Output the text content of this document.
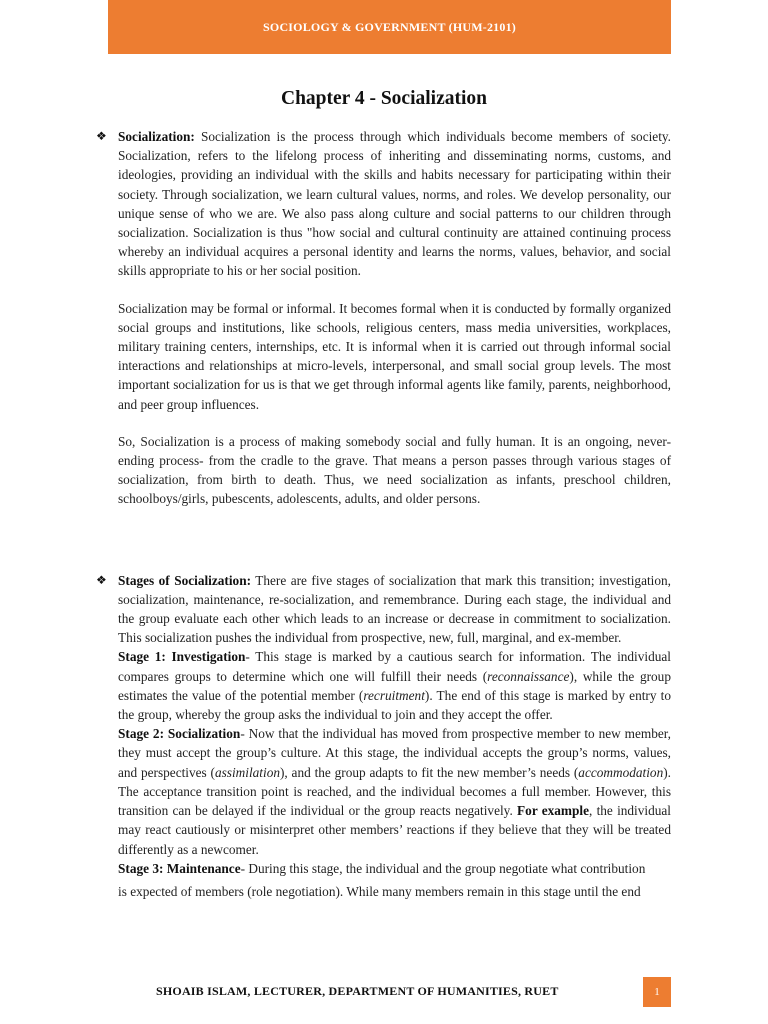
SOCIOLOGY & GOVERNMENT (HUM-2101)
Chapter 4 - Socialization

❖ Socialization: Socialization is the process through which individuals become members of society. Socialization, refers to the lifelong process of inheriting and disseminating norms, customs, and ideologies, providing an individual with the skills and habits necessary for participating within their society. Through socialization, we learn cultural values, norms, and roles. We develop personality, our unique sense of who we are. We also pass along culture and social patterns to our children through socialization. Socialization is thus "how social and cultural continuity are attained continuing process whereby an individual acquires a personal identity and learns the norms, values, behavior, and social skills appropriate to his or her social position.

Socialization may be formal or informal. It becomes formal when it is conducted by formally organized social groups and institutions, like schools, religious centers, mass media universities, workplaces, military training centers, internships, etc. It is informal when it is carried out through informal social interactions and relationships at micro-levels, interpersonal, and small social group levels. The most important socialization for us is that we get through informal agents like family, parents, neighborhood, and peer group influences.

So, Socialization is a process of making somebody social and fully human. It is an ongoing, never-ending process- from the cradle to the grave. That means a person passes through various stages of socialization, from birth to death. Thus, we need socialization as infants, preschool children, schoolboys/girls, pubescents, adolescents, adults, and older persons.

❖ Stages of Socialization: There are five stages of socialization that mark this transition; investigation, socialization, maintenance, re-socialization, and remembrance. During each stage, the individual and the group evaluate each other which leads to an increase or decrease in commitment to socialization. This socialization pushes the individual from prospective, new, full, marginal, and ex-member.

Stage 1: Investigation- This stage is marked by a cautious search for information. The individual compares groups to determine which one will fulfill their needs (reconnaissance), while the group estimates the value of the potential member (recruitment). The end of this stage is marked by entry to the group, whereby the group asks the individual to join and they accept the offer.

Stage 2: Socialization- Now that the individual has moved from prospective member to new member, they must accept the group’s culture. At this stage, the individual accepts the group’s norms, values, and perspectives (assimilation), and the group adapts to fit the new member’s needs (accommodation). The acceptance transition point is reached, and the individual becomes a full member. However, this transition can be delayed if the individual or the group reacts negatively. For example, the individual may react cautiously or misinterpret other members’ reactions if they believe that they will be treated differently as a newcomer.

Stage 3: Maintenance- During this stage, the individual and the group negotiate what contribution

is expected of members (role negotiation). While many members remain in this stage until the end

SHOAIB ISLAM, LECTURER, DEPARTMENT OF HUMANITIES, RUET	1
